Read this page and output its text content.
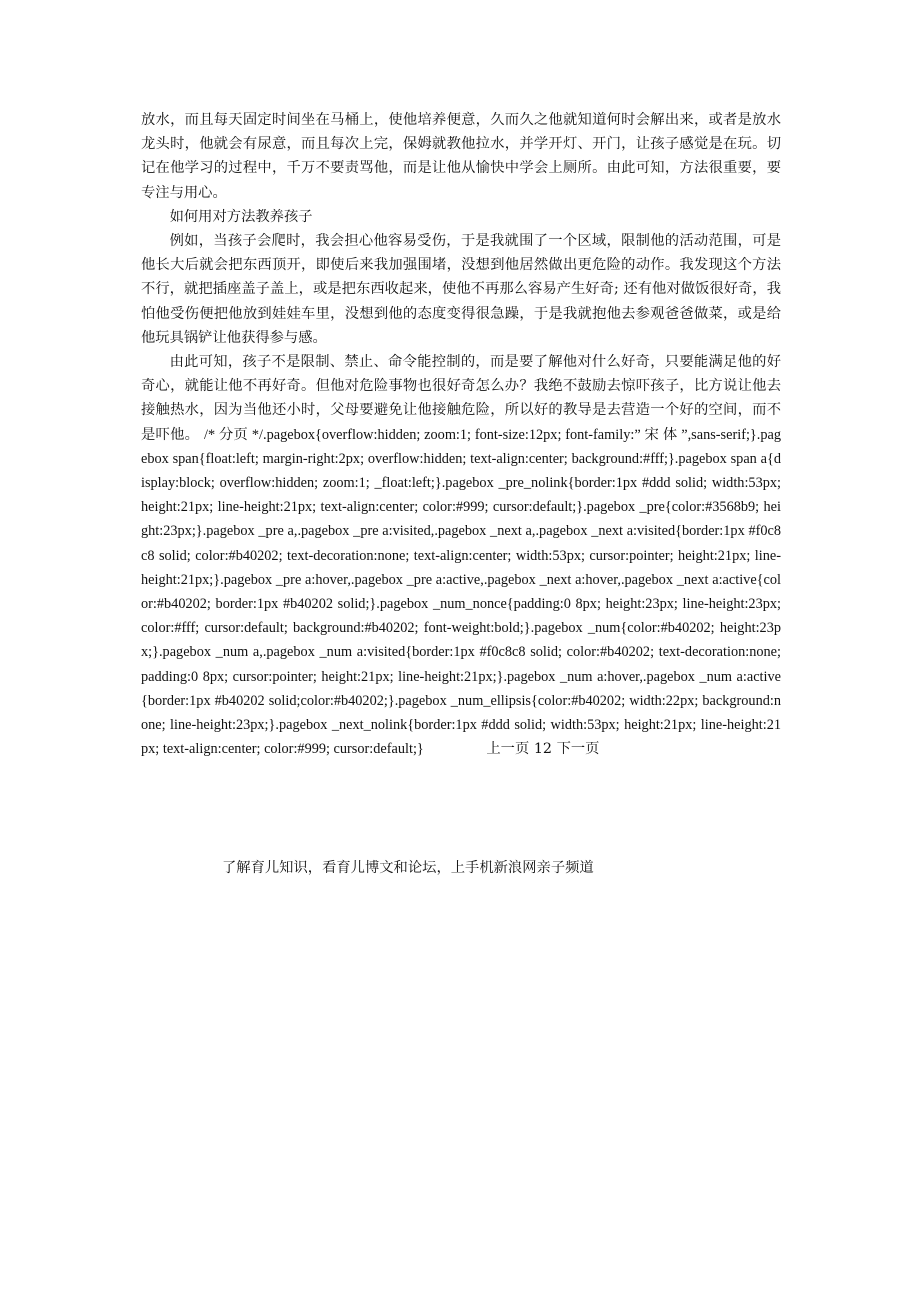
放水，而且每天固定时间坐在马桶上，使他培养便意，久而久之他就知道何时会解出来，或者是放水龙头时，他就会有尿意，而且每次上完，保姆就教他拉水，并学开灯、开门，让孩子感觉是在玩。切记在他学习的过程中，千万不要责骂他，而是让他从愉快中学会上厕所。由此可知，方法很重要，要专注与用心。

如何用对方法教养孩子

例如，当孩子会爬时，我会担心他容易受伤，于是我就围了一个区域，限制他的活动范围，可是他长大后就会把东西顶开，即使后来我加强围堵，没想到他居然做出更危险的动作。我发现这个方法不行，就把插座盖子盖上，或是把东西收起来，使他不再那么容易产生好奇; 还有他对做饭很好奇，我怕他受伤便把他放到娃娃车里，没想到他的态度变得很急躁，于是我就抱他去参观爸爸做菜，或是给他玩具锅铲让他获得参与感。

由此可知，孩子不是限制、禁止、命令能控制的，而是要了解他对什么好奇，只要能满足他的好奇心，就能让他不再好奇。但他对危险事物也很好奇怎么办？我绝不鼓励去惊吓孩子，比方说让他去接触热水，因为当他还小时，父母要避免让他接触危险，所以好的教导是去营造一个好的空间，而不是吓他。 /* 分页 */.pagebox{overflow:hidden; zoom:1; font-size:12px; font-family:” 宋 体 ”,sans-serif;}.pagebox span{float:left; margin-right:2px; overflow:hidden; text-align:center; background:#fff;}.pagebox span a{display:block; overflow:hidden; zoom:1; _float:left;}.pagebox _pre_nolink{border:1px #ddd solid; width:53px; height:21px; line-height:21px; text-align:center; color:#999; cursor:default;}.pagebox _pre{color:#3568b9; height:23px;}.pagebox _pre a,.pagebox _pre a:visited,.pagebox _next a,.pagebox _next a:visited{border:1px #f0c8c8 solid; color:#b40202; text-decoration:none; text-align:center; width:53px; cursor:pointer; height:21px; line-height:21px;}.pagebox _pre a:hover,.pagebox _pre a:active,.pagebox _next a:hover,.pagebox _next a:active{color:#b40202; border:1px #b40202 solid;}.pagebox _num_nonce{padding:0 8px; height:23px; line-height:23px; color:#fff; cursor:default; background:#b40202; font-weight:bold;}.pagebox _num{color:#b40202; height:23px;}.pagebox _num a,.pagebox _num a:visited{border:1px #f0c8c8 solid; color:#b40202; text-decoration:none; padding:0 8px; cursor:pointer; height:21px; line-height:21px;}.pagebox _num a:hover,.pagebox _num a:active{border:1px #b40202 solid;color:#b40202;}.pagebox _num_ellipsis{color:#b40202; width:22px; background:none; line-height:23px;}.pagebox _next_nolink{border:1px #ddd solid; width:53px; height:21px; line-height:21px; text-align:center; color:#999; cursor:default;}	上一页 12 下一页

了解育儿知识，看育儿博文和论坛，上手机新浪网亲子频道
